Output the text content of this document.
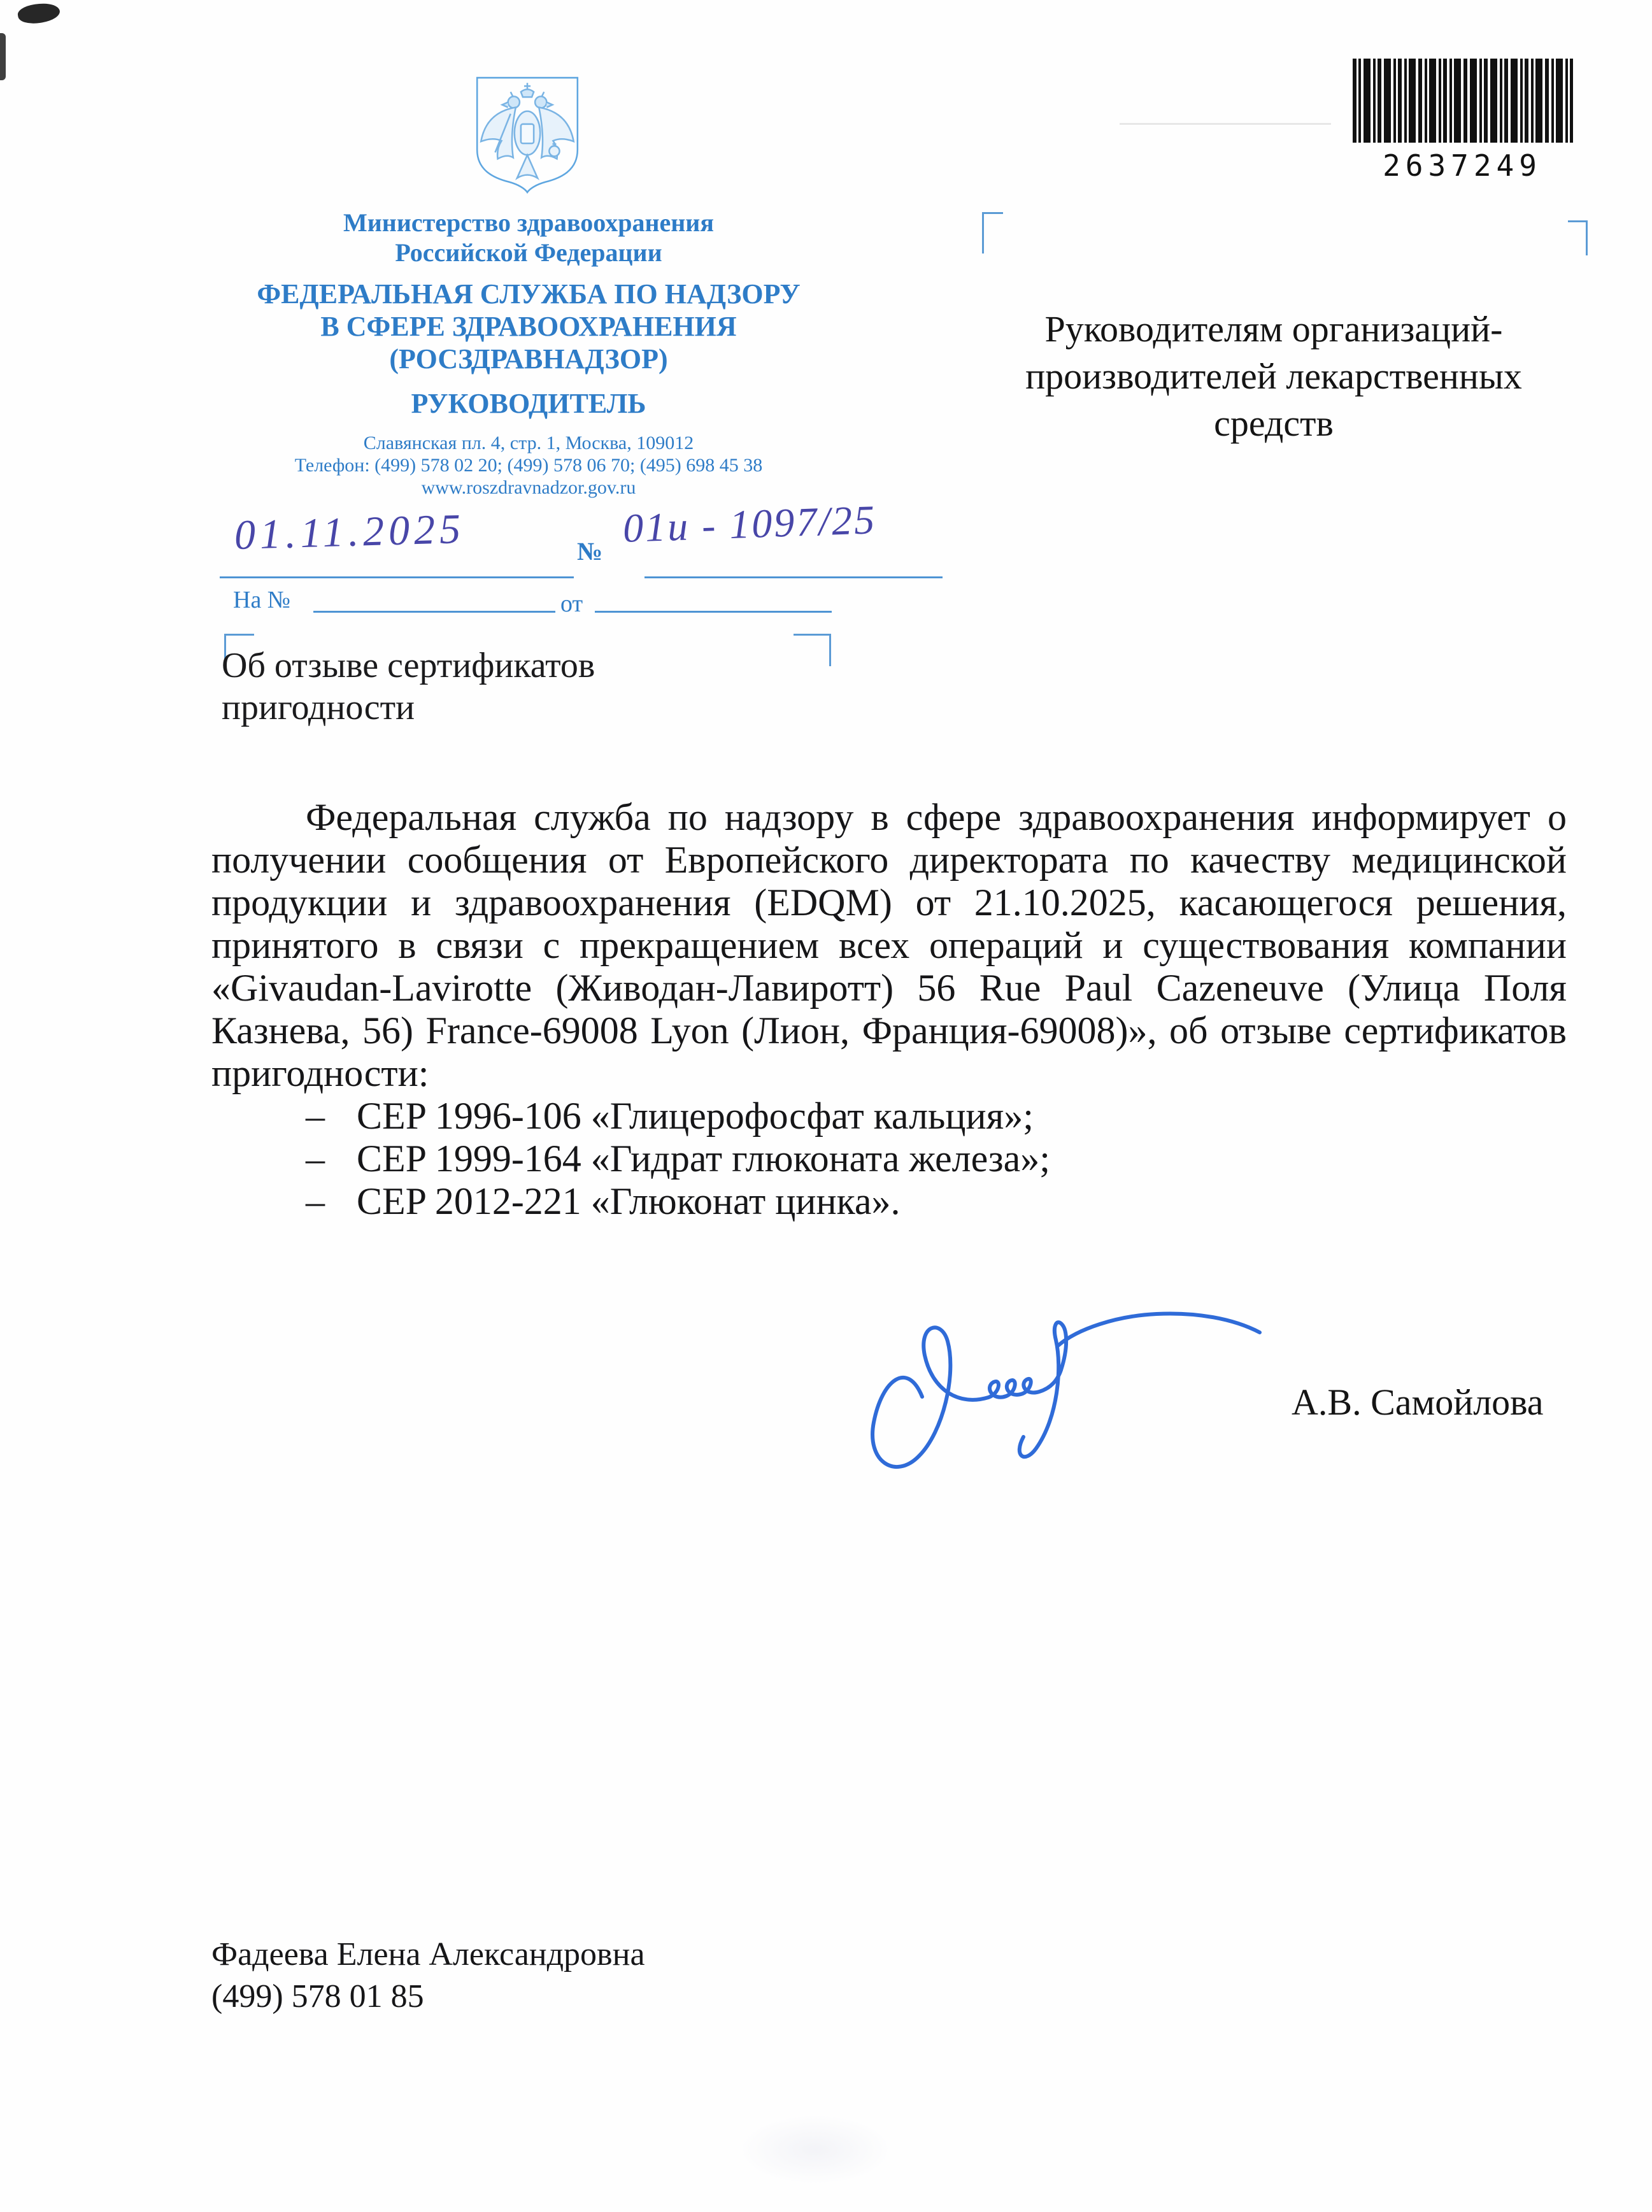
Министерство здравоохранения
Российской Федерации
ФЕДЕРАЛЬНАЯ СЛУЖБА ПО НАДЗОРУ
В СФЕРЕ ЗДРАВООХРАНЕНИЯ
(РОСЗДРАВНАДЗОР)
РУКОВОДИТЕЛЬ
Славянская пл. 4, стр. 1, Москва, 109012
Телефон: (499) 578 02 20; (499) 578 06 70; (495) 698 45 38
www.roszdravnadzor.gov.ru
01.11.2025	№
01и - 1097/25
На №	от
2637249
Руководителям организаций-
производителей лекарственных
средств
Об отзыве сертификатов
пригодности

Федеральная служба по надзору в сфере здравоохранения информирует о получении сообщения от Европейского директората по качеству медицинской продукции и здравоохранения (EDQM) от 21.10.2025, касающегося решения, принятого в связи с прекращением всех операций и существования компании «Givaudan-Lavirotte (Живодан-Лавиротт) 56 Rue Paul Cazeneuve (Улица Поля Казнева, 56) France-69008 Lyon (Лион, Франция-69008)», об отзыве сертификатов пригодности:

– CEP 1996-106 «Глицерофосфат кальция»;
– CEP 1999-164 «Гидрат глюконата железа»;
– CEP 2012-221 «Глюконат цинка».
А.В. Самойлова
Фадеева Елена Александровна
(499) 578 01 85
